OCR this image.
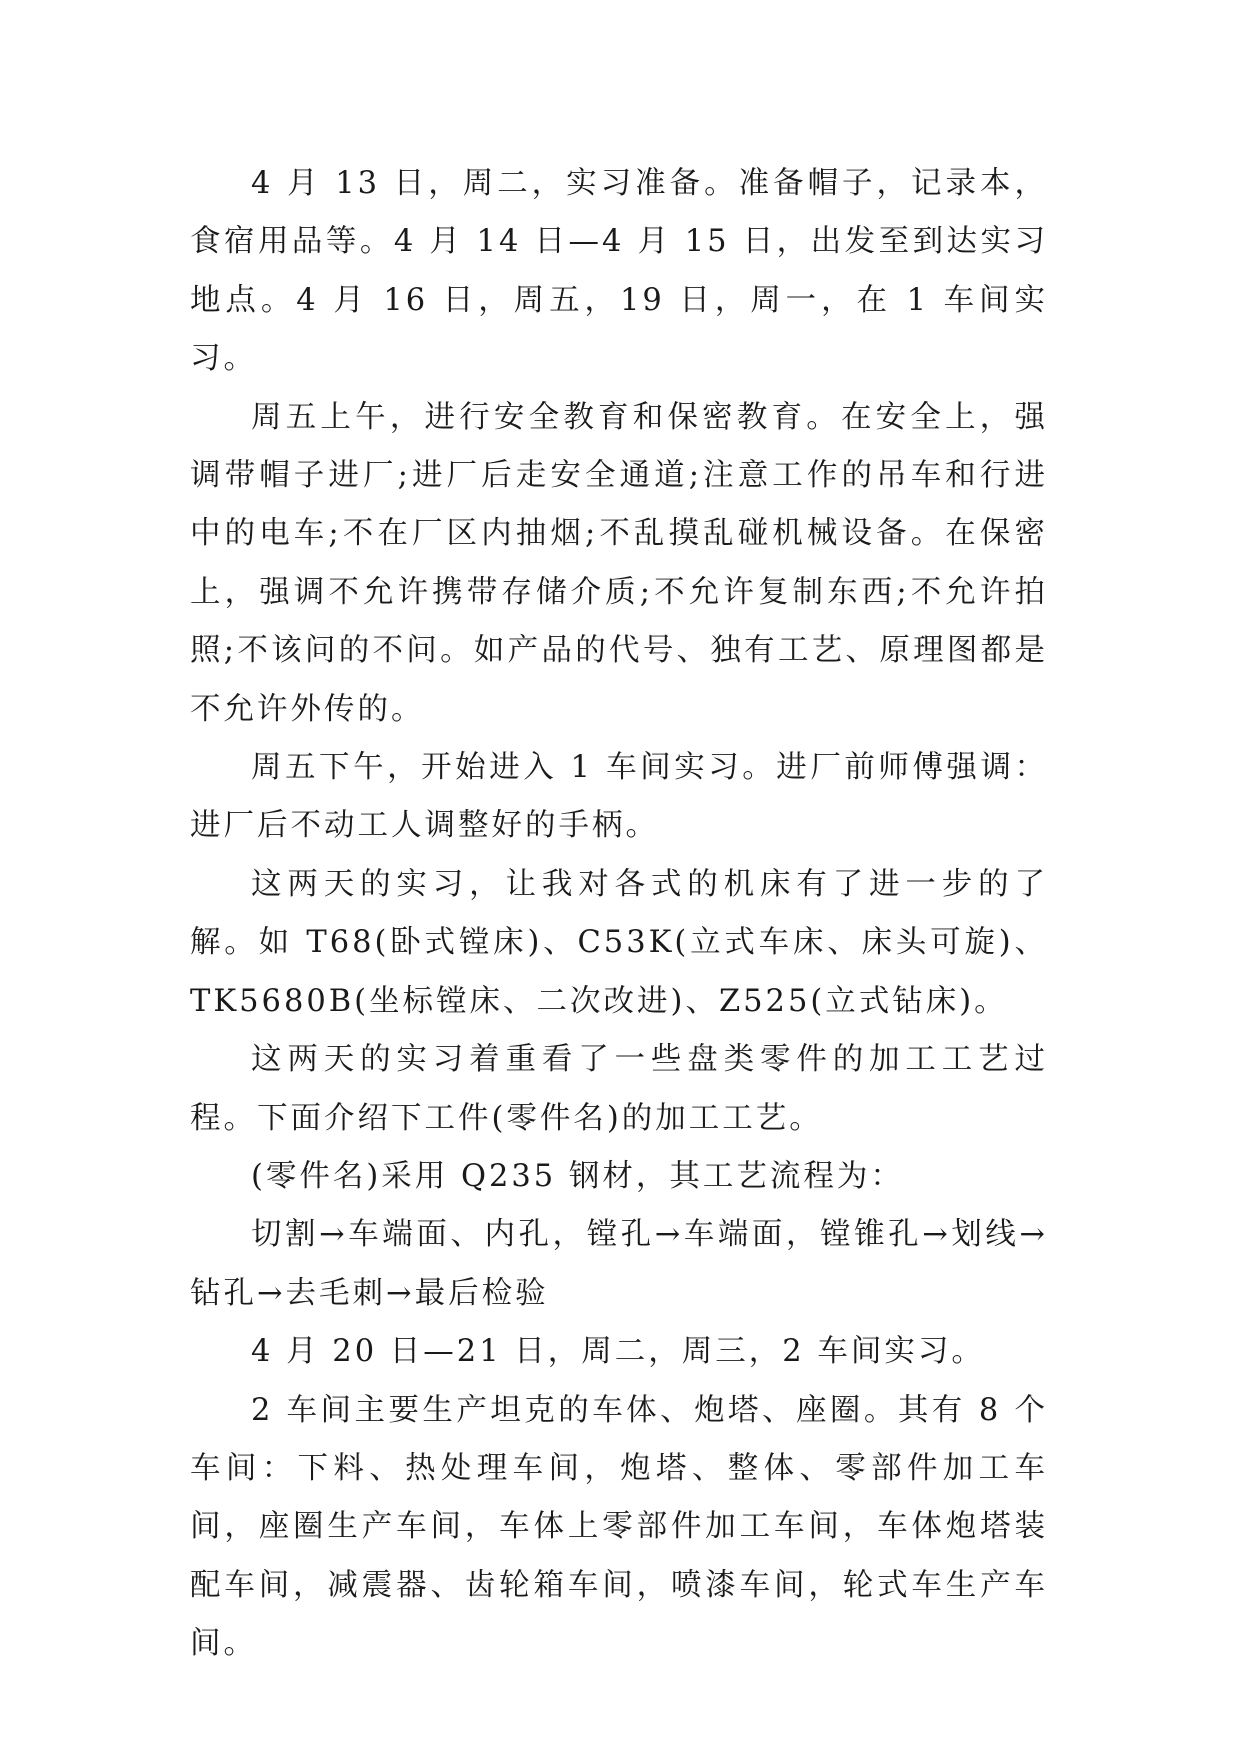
4 月 13 日，周二，实习准备。准备帽子，记录本，食宿用品等。4 月 14 日—4 月 15 日，出发至到达实习地点。4 月 16 日，周五，19 日，周一，在 1 车间实习。

周五上午，进行安全教育和保密教育。在安全上，强调带帽子进厂;进厂后走安全通道;注意工作的吊车和行进中的电车;不在厂区内抽烟;不乱摸乱碰机械设备。在保密上，强调不允许携带存储介质;不允许复制东西;不允许拍照;不该问的不问。如产品的代号、独有工艺、原理图都是不允许外传的。

周五下午，开始进入 1 车间实习。进厂前师傅强调：进厂后不动工人调整好的手柄。

这两天的实习，让我对各式的机床有了进一步的了解。如 T68(卧式镗床)、C53K(立式车床、床头可旋)、TK5680B(坐标镗床、二次改进)、Z525(立式钻床)。

这两天的实习着重看了一些盘类零件的加工工艺过程。下面介绍下工件(零件名)的加工工艺。

(零件名)采用 Q235 钢材，其工艺流程为：

切割→车端面、内孔，镗孔→车端面，镗锥孔→划线→钻孔→去毛刺→最后检验

4 月 20 日—21 日，周二，周三，2 车间实习。

2 车间主要生产坦克的车体、炮塔、座圈。其有 8 个车间：下料、热处理车间，炮塔、整体、零部件加工车间，座圈生产车间，车体上零部件加工车间，车体炮塔装配车间，减震器、齿轮箱车间，喷漆车间，轮式车生产车间。
